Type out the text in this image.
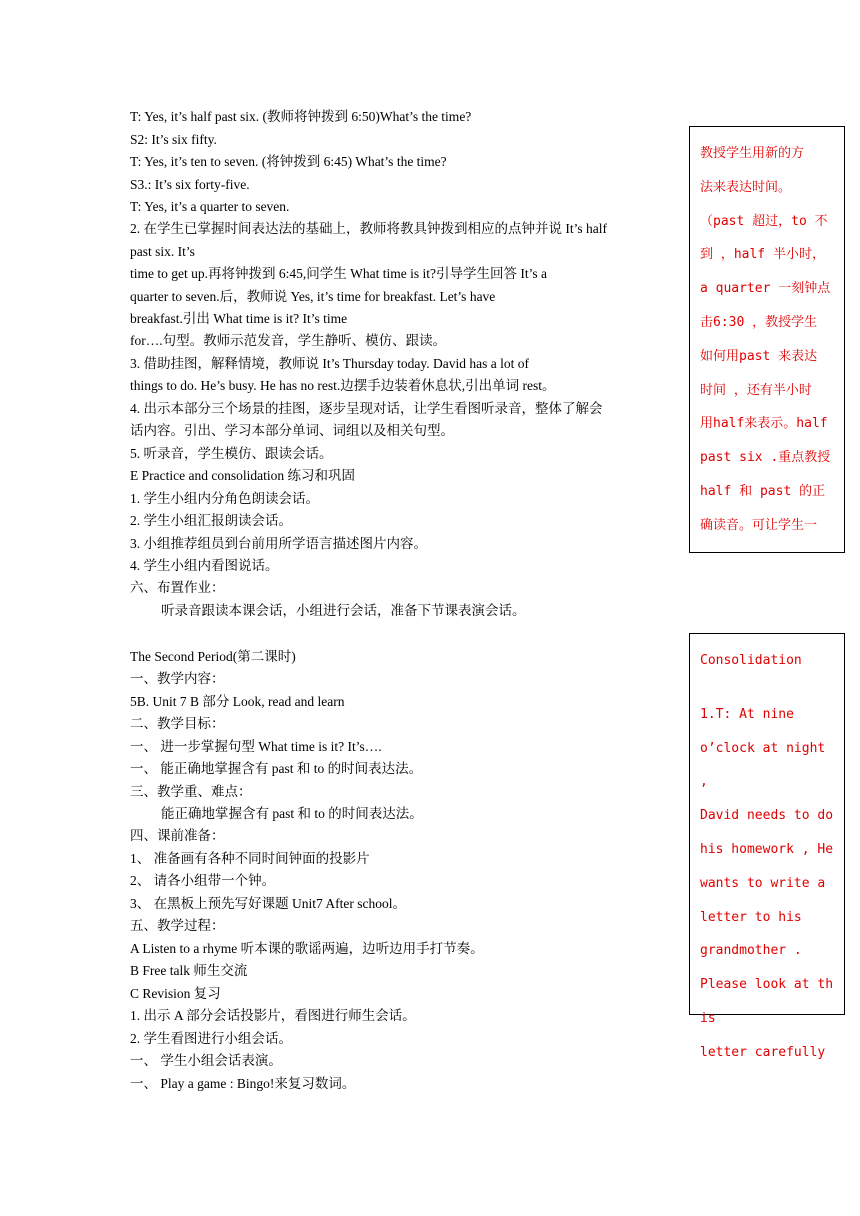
T: Yes, it’s half past six. (教师将钟拨到 6:50)What’s the time?
S2: It’s six fifty.
T: Yes, it’s ten to seven. (将钟拨到 6:45) What’s the time?
S3.: It’s six forty-five.
T: Yes, it’s a quarter to seven.
2. 在学生已掌握时间表达法的基础上，教师将教具钟拨到相应的点钟并说 It’s half
past six. It’s
time to get up.再将钟拨到 6:45,问学生 What time is it?引导学生回答 It’s a
quarter to seven.后，教师说 Yes, it’s time for breakfast. Let’s have
breakfast.引出 What time is it? It’s time
for….句型。教师示范发音，学生静听、模仿、跟读。
3. 借助挂图，解释情境，教师说 It’s Thursday today. David has a lot of
things to do. He’s busy. He has no rest.边摆手边装着休息状,引出单词 rest。
4. 出示本部分三个场景的挂图，逐步呈现对话，让学生看图听录音，整体了解会
话内容。引出、学习本部分单词、词组以及相关句型。
5. 听录音，学生模仿、跟读会话。
E Practice and consolidation 练习和巩固
1. 学生小组内分角色朗读会话。
2. 学生小组汇报朗读会话。
3. 小组推荐组员到台前用所学语言描述图片内容。
4. 学生小组内看图说话。
六、布置作业：
听录音跟读本课会话，小组进行会话，准备下节课表演会话。
The Second Period(第二课时)
一、教学内容：
5B. Unit 7 B 部分 Look, read and learn
二、教学目标：
一、 进一步掌握句型 What time is it? It’s….
一、 能正确地掌握含有 past 和 to 的时间表达法。
三、教学重、难点：
能正确地掌握含有 past 和 to 的时间表达法。
四、课前准备：
1、 准备画有各种不同时间钟面的投影片
2、 请各小组带一个钟。
3、 在黑板上预先写好课题 Unit7 After school。
五、教学过程：
A Listen to a rhyme 听本课的歌谣两遍，边听边用手打节奏。
B Free talk 师生交流
C Revision 复习
1. 出示 A 部分会话投影片，看图进行师生会话。
2. 学生看图进行小组会话。
一、 学生小组会话表演。
一、 Play a game : Bingo!来复习数词。

教授学生用新的方

法来表达时间。

（past 超过，to 不

到 ，half 半小时，

a quarter 一刻钟点

击6:30 ，教授学生

如何用past 来表达

时间 ，还有半小时

用half来表示。half

past six .重点教授

half 和 past 的正

确读音。可让学生一

Consolidation

1.T: At nine

o’clock at night ,

David needs to do

his homework , He

wants to write a

letter to his

grandmother .

Please look at this

letter carefully
